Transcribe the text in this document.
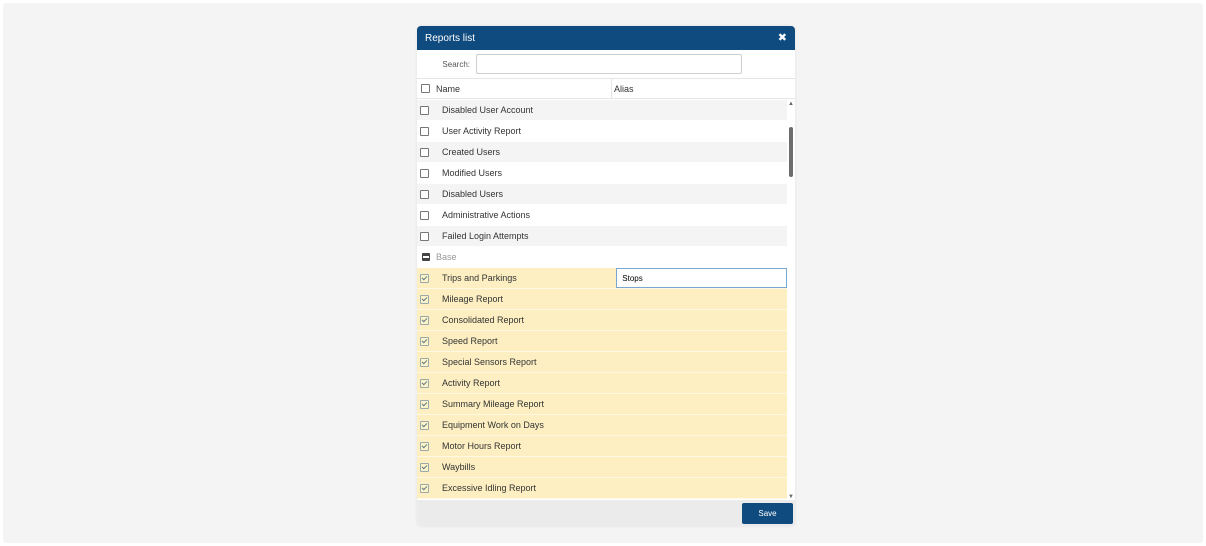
Reports list	✖
Search:
Name	Alias
Disabled User Account
User Activity Report
Created Users
Modified Users
Disabled Users
Administrative Actions
Failed Login Attempts
Base
Trips and Parkings
Stops
Mileage Report
Consolidated Report
Speed Report
Special Sensors Report
Activity Report
Summary Mileage Report
Equipment Work on Days
Motor Hours Report
Waybills
Excessive Idling Report
▲
▼
Save
